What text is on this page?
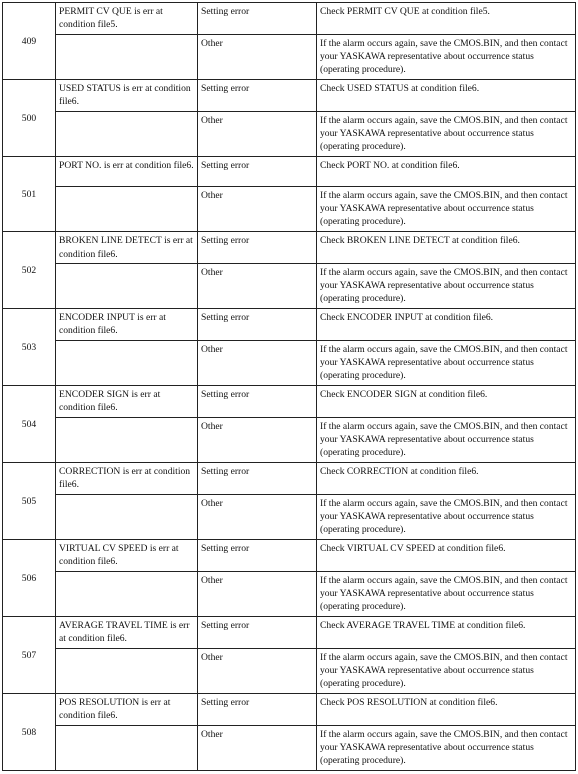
409	PERMIT CV QUE is err at condition file5.	Setting error	Check PERMIT CV QUE at condition file5.
		Other	If the alarm occurs again, save the CMOS.BIN, and then contact your YASKAWA representative about occurrence status (operating procedure).
500	USED STATUS is err at condition file6.	Setting error	Check USED STATUS at condition file6.
		Other	If the alarm occurs again, save the CMOS.BIN, and then contact your YASKAWA representative about occurrence status (operating procedure).
501	PORT NO. is err at condition file6.	Setting error	Check PORT NO. at condition file6.
		Other	If the alarm occurs again, save the CMOS.BIN, and then contact your YASKAWA representative about occurrence status (operating procedure).
502	BROKEN LINE DETECT is err at condition file6.	Setting error	Check BROKEN LINE DETECT at condition file6.
		Other	If the alarm occurs again, save the CMOS.BIN, and then contact your YASKAWA representative about occurrence status (operating procedure).
503	ENCODER INPUT is err at condition file6.	Setting error	Check ENCODER INPUT at condition file6.
		Other	If the alarm occurs again, save the CMOS.BIN, and then contact your YASKAWA representative about occurrence status (operating procedure).
504	ENCODER SIGN is err at condition file6.	Setting error	Check ENCODER SIGN at condition file6.
		Other	If the alarm occurs again, save the CMOS.BIN, and then contact your YASKAWA representative about occurrence status (operating procedure).
505	CORRECTION is err at condition file6.	Setting error	Check CORRECTION at condition file6.
		Other	If the alarm occurs again, save the CMOS.BIN, and then contact your YASKAWA representative about occurrence status (operating procedure).
506	VIRTUAL CV SPEED is err at condition file6.	Setting error	Check VIRTUAL CV SPEED at condition file6.
		Other	If the alarm occurs again, save the CMOS.BIN, and then contact your YASKAWA representative about occurrence status (operating procedure).
507	AVERAGE TRAVEL TIME is err at condition file6.	Setting error	Check AVERAGE TRAVEL TIME at condition file6.
		Other	If the alarm occurs again, save the CMOS.BIN, and then contact your YASKAWA representative about occurrence status (operating procedure).
508	POS RESOLUTION is err at condition file6.	Setting error	Check POS RESOLUTION at condition file6.
		Other	If the alarm occurs again, save the CMOS.BIN, and then contact your YASKAWA representative about occurrence status (operating procedure).
